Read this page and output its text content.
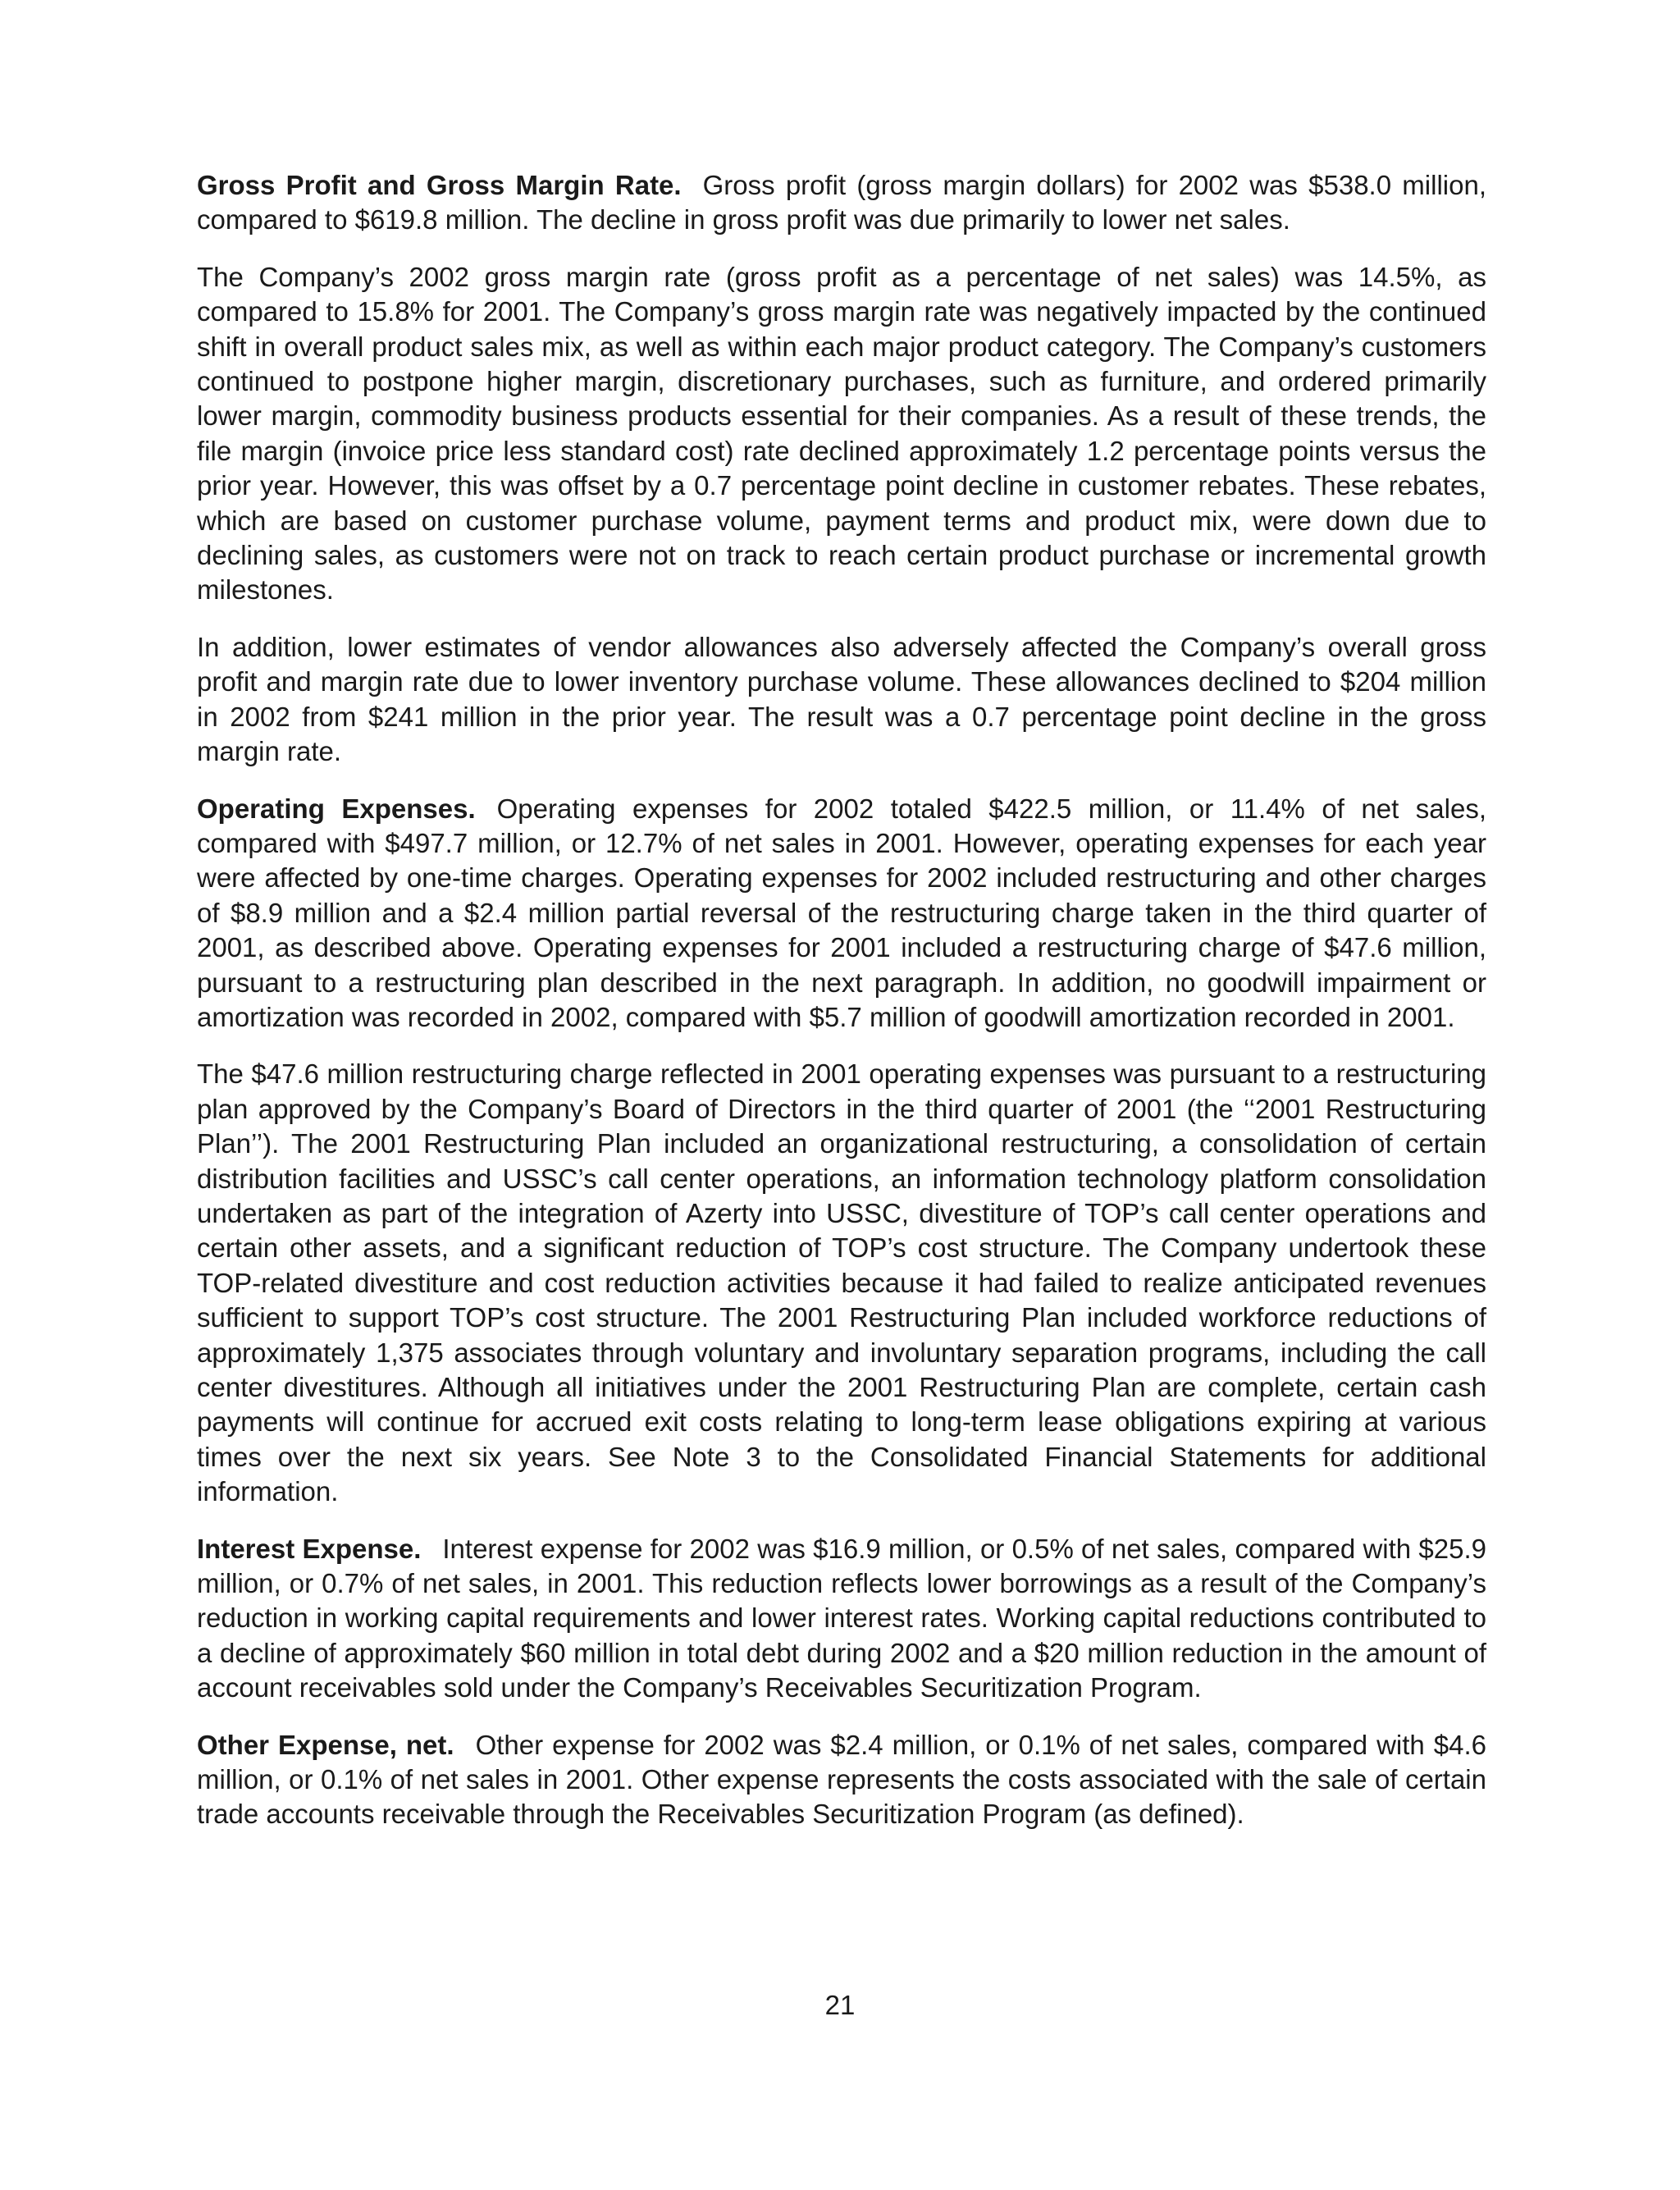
Gross Profit and Gross Margin Rate. Gross profit (gross margin dollars) for 2002 was $538.0 million, compared to $619.8 million. The decline in gross profit was due primarily to lower net sales.

The Company’s 2002 gross margin rate (gross profit as a percentage of net sales) was 14.5%, as compared to 15.8% for 2001. The Company’s gross margin rate was negatively impacted by the continued shift in overall product sales mix, as well as within each major product category. The Company’s customers continued to postpone higher margin, discretionary purchases, such as furniture, and ordered primarily lower margin, commodity business products essential for their companies. As a result of these trends, the file margin (invoice price less standard cost) rate declined approximately 1.2 percentage points versus the prior year. However, this was offset by a 0.7 percentage point decline in customer rebates. These rebates, which are based on customer purchase volume, payment terms and product mix, were down due to declining sales, as customers were not on track to reach certain product purchase or incremental growth milestones.

In addition, lower estimates of vendor allowances also adversely affected the Company’s overall gross profit and margin rate due to lower inventory purchase volume. These allowances declined to $204 million in 2002 from $241 million in the prior year. The result was a 0.7 percentage point decline in the gross margin rate.

Operating Expenses. Operating expenses for 2002 totaled $422.5 million, or 11.4% of net sales, compared with $497.7 million, or 12.7% of net sales in 2001. However, operating expenses for each year were affected by one-time charges. Operating expenses for 2002 included restructuring and other charges of $8.9 million and a $2.4 million partial reversal of the restructuring charge taken in the third quarter of 2001, as described above. Operating expenses for 2001 included a restructuring charge of $47.6 million, pursuant to a restructuring plan described in the next paragraph. In addition, no goodwill impairment or amortization was recorded in 2002, compared with $5.7 million of goodwill amortization recorded in 2001.

The $47.6 million restructuring charge reflected in 2001 operating expenses was pursuant to a restructuring plan approved by the Company’s Board of Directors in the third quarter of 2001 (the ‘‘2001 Restructuring Plan’’). The 2001 Restructuring Plan included an organizational restructuring, a consolidation of certain distribution facilities and USSC’s call center operations, an information technology platform consolidation undertaken as part of the integration of Azerty into USSC, divestiture of TOP’s call center operations and certain other assets, and a significant reduction of TOP’s cost structure. The Company undertook these TOP-related divestiture and cost reduction activities because it had failed to realize anticipated revenues sufficient to support TOP’s cost structure. The 2001 Restructuring Plan included workforce reductions of approximately 1,375 associates through voluntary and involuntary separation programs, including the call center divestitures. Although all initiatives under the 2001 Restructuring Plan are complete, certain cash payments will continue for accrued exit costs relating to long-term lease obligations expiring at various times over the next six years. See Note 3 to the Consolidated Financial Statements for additional information.

Interest Expense. Interest expense for 2002 was $16.9 million, or 0.5% of net sales, compared with $25.9 million, or 0.7% of net sales, in 2001. This reduction reflects lower borrowings as a result of the Company’s reduction in working capital requirements and lower interest rates. Working capital reductions contributed to a decline of approximately $60 million in total debt during 2002 and a $20 million reduction in the amount of account receivables sold under the Company’s Receivables Securitization Program.

Other Expense, net. Other expense for 2002 was $2.4 million, or 0.1% of net sales, compared with $4.6 million, or 0.1% of net sales in 2001. Other expense represents the costs associated with the sale of certain trade accounts receivable through the Receivables Securitization Program (as defined).

21
